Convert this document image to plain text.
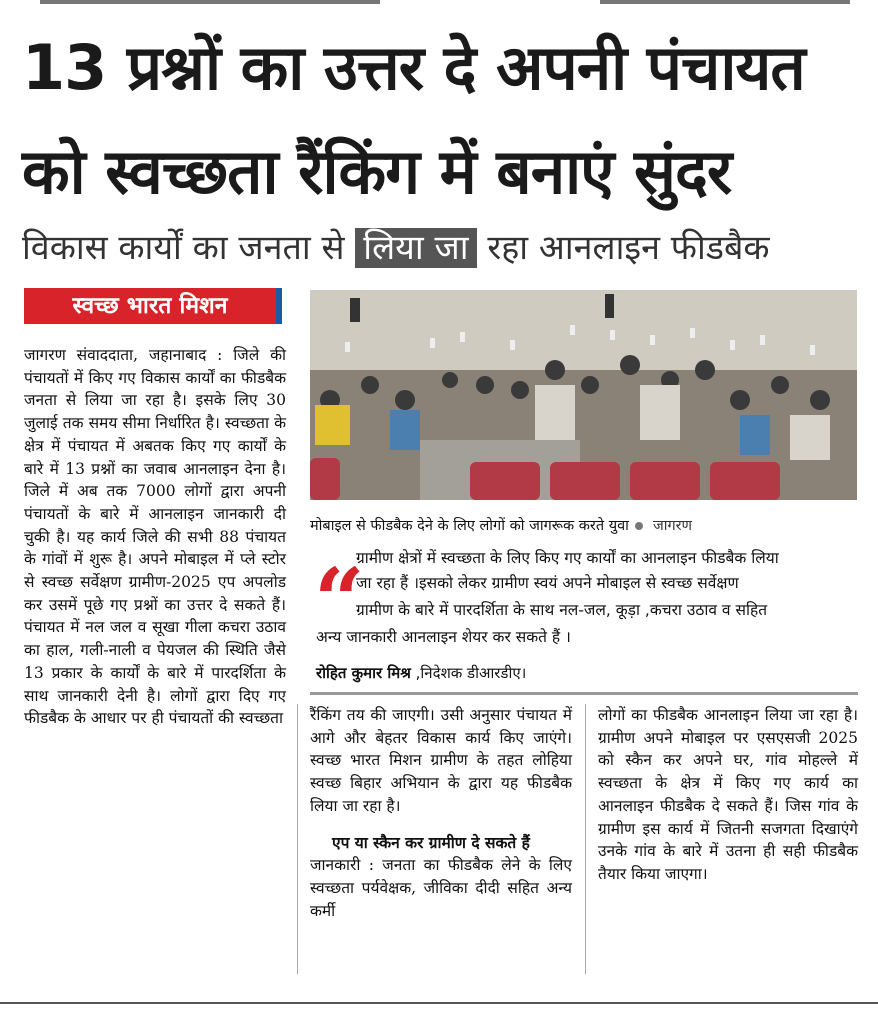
13 प्रश्नों का उत्तर दे अपनी पंचायत
को स्वच्छता रैंकिंग में बनाएं सुंदर
विकास कार्यों का जनता से लिया जा रहा आनलाइन फीडबैक
स्वच्छ भारत मिशन

जागरण संवाददाता, जहानाबाद : जिले की पंचायतों में किए गए विकास कार्यों का फीडबैक जनता से लिया जा रहा है। इसके लिए 30 जुलाई तक समय सीमा निर्धारित है। स्वच्छता के क्षेत्र में पंचायत में अबतक किए गए कार्यों के बारे में 13 प्रश्नों का जवाब आनलाइन देना है। जिले में अब तक 7000 लोगों द्वारा अपनी पंचायतों के बारे में आनलाइन जानकारी दी चुकी है। यह कार्य जिले की सभी 88 पंचायत के गांवों में शुरू है। अपने मोबाइल में प्ले स्टोर से स्वच्छ सर्वेक्षण ग्रामीण-2025 एप अपलोड कर उसमें पूछे गए प्रश्नों का उत्तर दे सकते हैं। पंचायत में नल जल व सूखा गीला कचरा उठाव का हाल, गली-नाली व पेयजल की स्थिति जैसे 13 प्रकार के कार्यों के बारे में पारदर्शिता के साथ जानकारी देनी है। लोगों द्वारा दिए गए फीडबैक के आधार पर ही पंचायतों की स्वच्छता

मोबाइल से फीडबैक देने के लिए लोगों को जागरूक करते युवा जागरण
“
ग्रामीण क्षेत्रों में स्वच्छता के लिए किए गए कार्यों का आनलाइन फीडबैक लिया
जा रहा हैं ।इसको लेकर ग्रामीण स्वयं अपने मोबाइल से स्वच्छ सर्वेक्षण
ग्रामीण के बारे में पारदर्शिता के साथ नल-जल, कूड़ा ,कचरा उठाव व सहित
अन्य जानकारी आनलाइन शेयर कर सकते हैं ।
रोहित कुमार मिश्र ,निदेशक डीआरडीए।

रैंकिंग तय की जाएगी। उसी अनुसार पंचायत में आगे और बेहतर विकास कार्य किए जाएंगे। स्वच्छ भारत मिशन ग्रामीण के तहत लोहिया स्वच्छ बिहार अभियान के द्वारा यह फीडबैक लिया जा रहा है।

एप या स्कैन कर ग्रामीण दे सकते हैं

जानकारी : जनता का फीडबैक लेने के लिए स्वच्छता पर्यवेक्षक, जीविका दीदी सहित अन्य कर्मी

लोगों का फीडबैक आनलाइन लिया जा रहा है। ग्रामीण अपने मोबाइल पर एसएसजी 2025 को स्कैन कर अपने घर, गांव मोहल्ले में स्वच्छता के क्षेत्र में किए गए कार्य का आनलाइन फीडबैक दे सकते हैं। जिस गांव के ग्रामीण इस कार्य में जितनी सजगता दिखाएंगे उनके गांव के बारे में उतना ही सही फीडबैक तैयार किया जाएगा।
